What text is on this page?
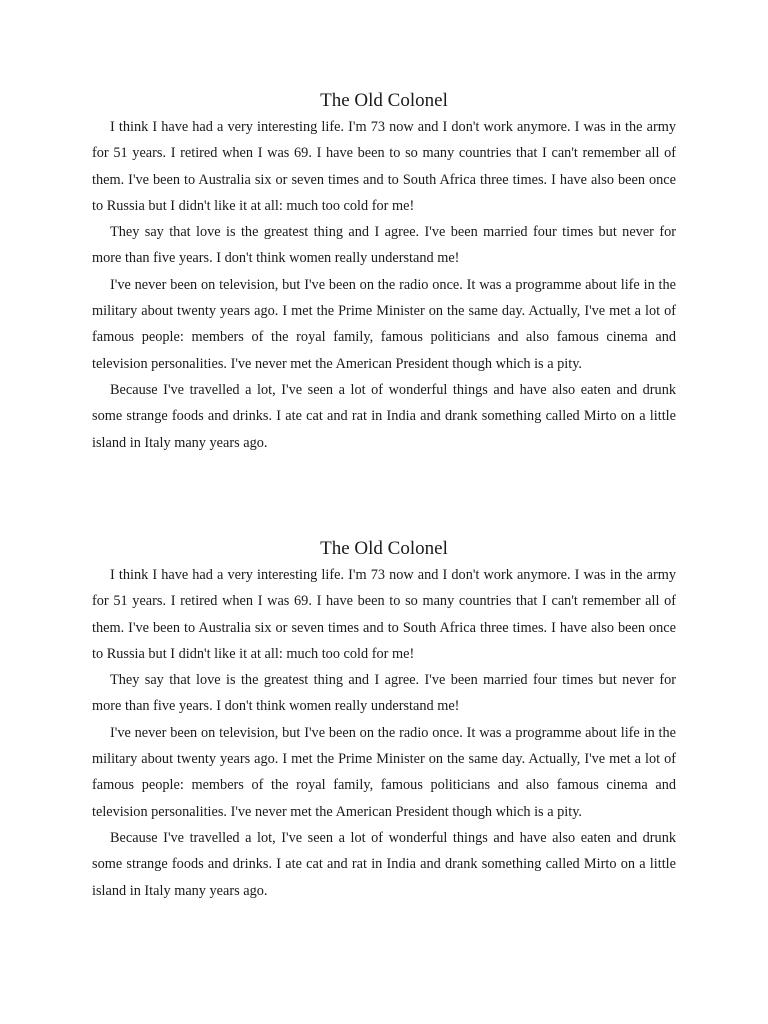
The Old Colonel

I think I have had a very interesting life. I'm 73 now and I don't work anymore. I was in the army for 51 years. I retired when I was 69. I have been to so many countries that I can't remember all of them. I've been to Australia six or seven times and to South Africa three times. I have also been once to Russia but I didn't like it at all: much too cold for me!

They say that love is the greatest thing and I agree. I've been married four times but never for more than five years. I don't think women really understand me!

I've never been on television, but I've been on the radio once. It was a programme about life in the military about twenty years ago. I met the Prime Minister on the same day. Actually, I've met a lot of famous people: members of the royal family, famous politicians and also famous cinema and television personalities. I've never met the American President though which is a pity.

Because I've travelled a lot, I've seen a lot of wonderful things and have also eaten and drunk some strange foods and drinks. I ate cat and rat in India and drank something called Mirto on a little island in Italy many years ago.

The Old Colonel

I think I have had a very interesting life. I'm 73 now and I don't work anymore. I was in the army for 51 years. I retired when I was 69. I have been to so many countries that I can't remember all of them. I've been to Australia six or seven times and to South Africa three times. I have also been once to Russia but I didn't like it at all: much too cold for me!

They say that love is the greatest thing and I agree. I've been married four times but never for more than five years. I don't think women really understand me!

I've never been on television, but I've been on the radio once. It was a programme about life in the military about twenty years ago. I met the Prime Minister on the same day. Actually, I've met a lot of famous people: members of the royal family, famous politicians and also famous cinema and television personalities. I've never met the American President though which is a pity.

Because I've travelled a lot, I've seen a lot of wonderful things and have also eaten and drunk some strange foods and drinks. I ate cat and rat in India and drank something called Mirto on a little island in Italy many years ago.
